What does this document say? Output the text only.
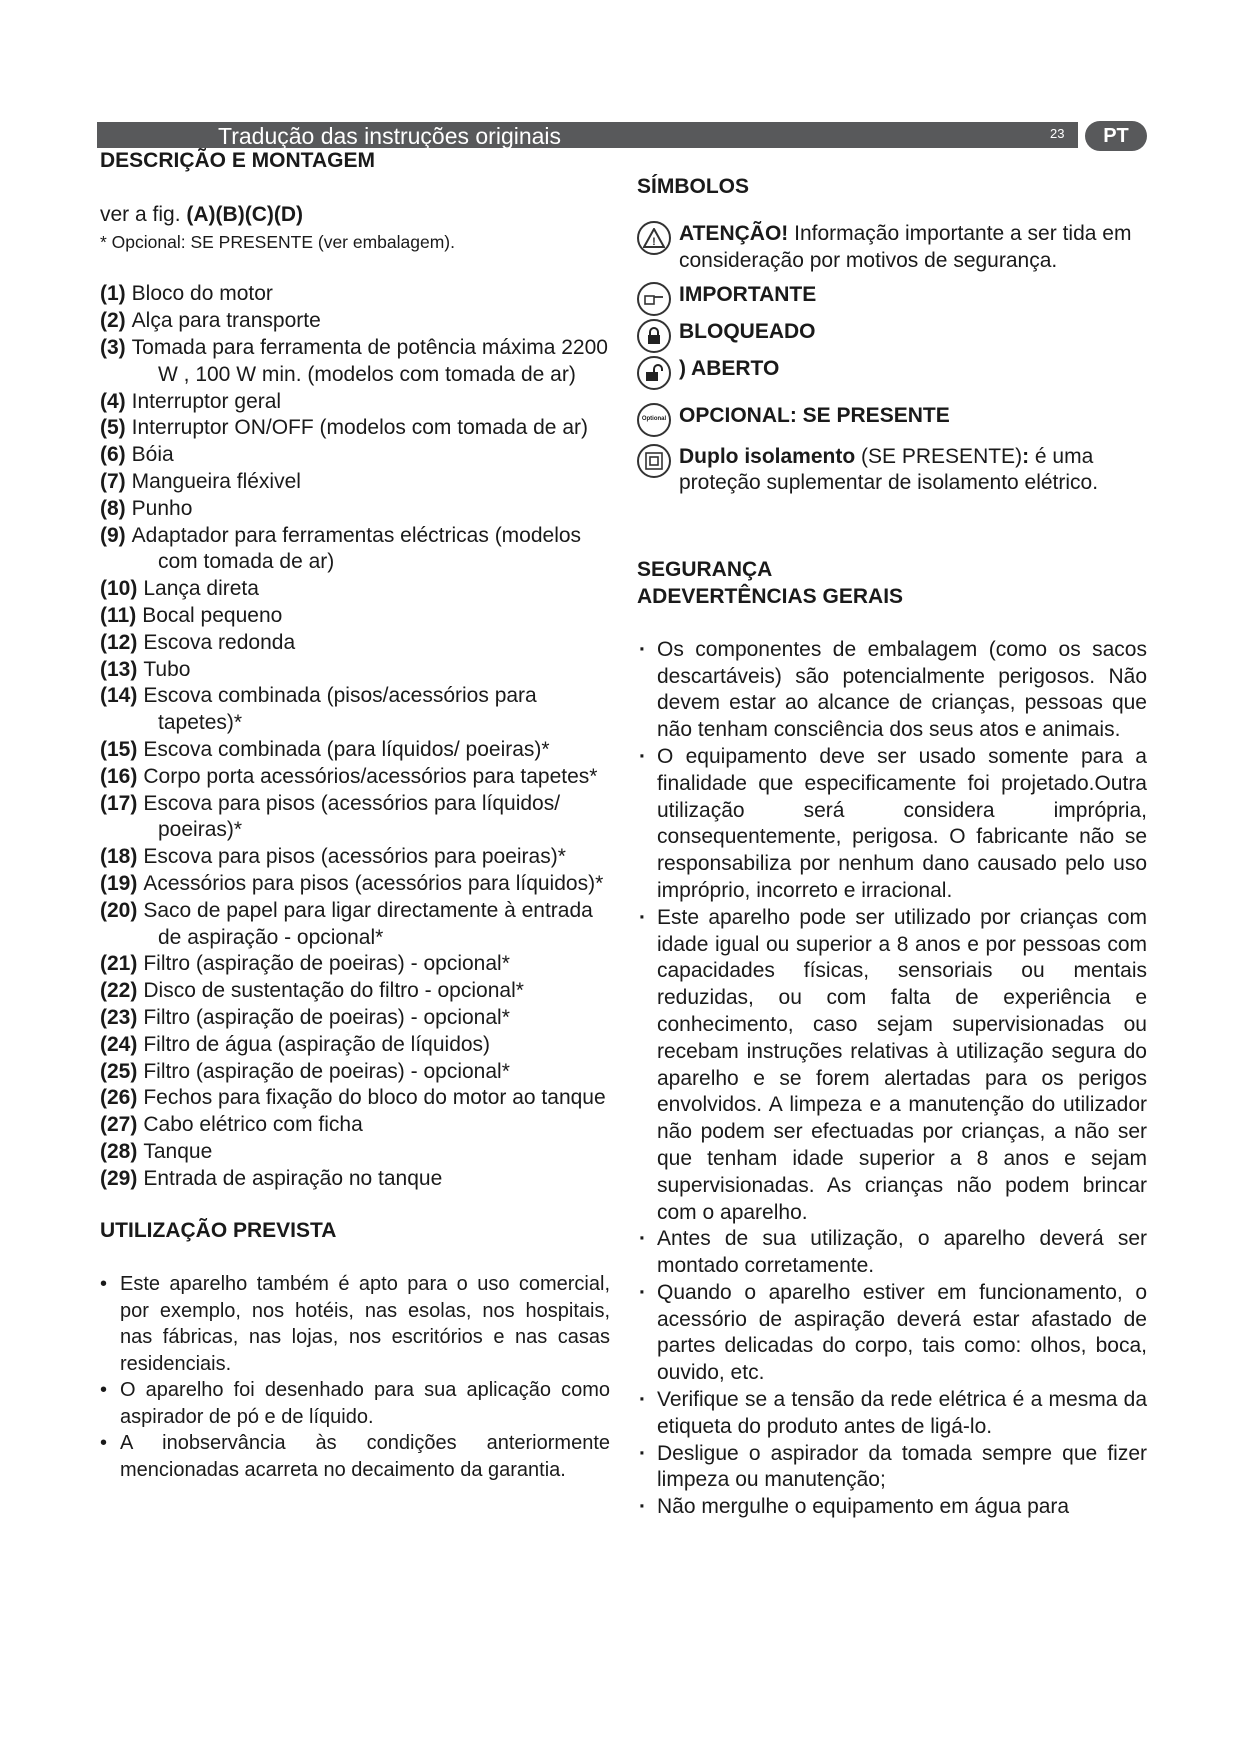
Tradução das instruções originais	23	PT
DESCRIÇÃO E MONTAGEM

ver a fig. (A)(B)(C)(D)

* Opcional: SE PRESENTE (ver embalagem).

(1) Bloco do motor
(2) Alça para transporte
(3) Tomada para ferramenta de potência máxima 2200 W , 100 W min. (modelos com tomada de ar)
(4) Interruptor geral
(5) Interruptor ON/OFF (modelos com tomada de ar)
(6) Bóia
(7) Mangueira fléxivel
(8) Punho
(9) Adaptador para ferramentas eléctricas (modelos com tomada de ar)
(10) Lança direta
(11) Bocal pequeno
(12) Escova redonda
(13) Tubo
(14) Escova combinada (pisos/acessórios para tapetes)*
(15) Escova combinada (para líquidos/ poeiras)*
(16) Corpo porta acessórios/acessórios para tapetes*
(17) Escova para pisos (acessórios para líquidos/ poeiras)*
(18) Escova para pisos (acessórios para poeiras)*
(19) Acessórios para pisos (acessórios para líquidos)*
(20) Saco de papel para ligar directamente à entrada de aspiração - opcional*
(21) Filtro (aspiração de poeiras) - opcional*
(22) Disco de sustentação do filtro - opcional*
(23) Filtro (aspiração de poeiras) - opcional*
(24) Filtro de água (aspiração de líquidos)
(25) Filtro (aspiração de poeiras) - opcional*
(26) Fechos para fixação do bloco do motor ao tanque
(27) Cabo elétrico com ficha
(28) Tanque
(29) Entrada de aspiração no tanque
UTILIZAÇÃO PREVISTA

• Este aparelho também é apto para o uso comercial, por exemplo, nos hotéis, nas esolas, nos hospitais, nas fábricas, nas lojas, nos escritórios e nas casas residenciais.

• O aparelho foi desenhado para sua aplicação como aspirador de pó e de líquido.

• A inobservância às condições anteriormente mencionadas acarreta no decaimento da garantia.

SÍMBOLOS
! ATENÇÃO! Informação importante a ser tida em consideração por motivos de segurança.
IMPORTANTE
BLOQUEADO
) ABERTO
Optional OPCIONAL: SE PRESENTE
Duplo isolamento (SE PRESENTE): é uma proteção suplementar de isolamento elétrico.
SEGURANÇA
ADEVERTÊNCIAS GERAIS

· Os componentes de embalagem (como os sacos descartáveis) são potencialmente perigosos. Não devem estar ao alcance de crianças, pessoas que não tenham consciência dos seus atos e animais.

· O equipamento deve ser usado somente para a finalidade que especificamente foi projetado.Outra utilização será considera imprópria, consequentemente, perigosa. O fabricante não se responsabiliza por nenhum dano causado pelo uso impróprio, incorreto e irracional.

· Este aparelho pode ser utilizado por crianças com idade igual ou superior a 8 anos e por pessoas com capacidades físicas, sensoriais ou mentais reduzidas, ou com falta de experiência e conhecimento, caso sejam supervisionadas ou recebam instruções relativas à utilização segura do aparelho e se forem alertadas para os perigos envolvidos. A limpeza e a manutenção do utilizador não podem ser efectuadas por crianças, a não ser que tenham idade superior a 8 anos e sejam supervisionadas. As crianças não podem brincar com o aparelho.

· Antes de sua utilização, o aparelho deverá ser montado corretamente.

· Quando o aparelho estiver em funcionamento, o acessório de aspiração deverá estar afastado de partes delicadas do corpo, tais como: olhos, boca, ouvido, etc.

· Verifique se a tensão da rede elétrica é a mesma da etiqueta do produto antes de ligá-lo.

· Desligue o aspirador da tomada sempre que fizer limpeza ou manutenção;

· Não mergulhe o equipamento em água para
